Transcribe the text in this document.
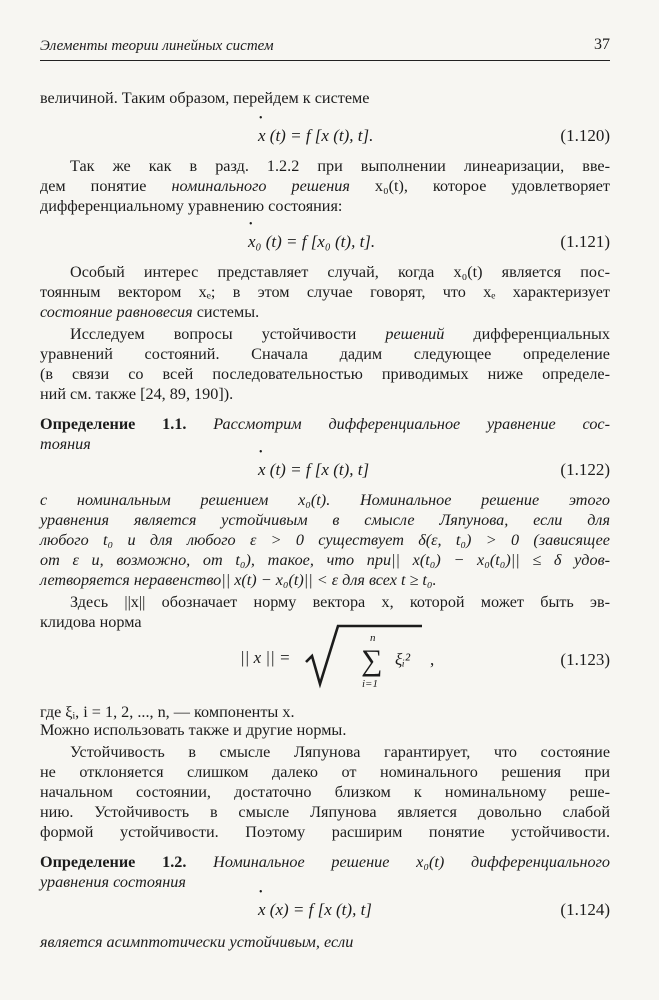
Элементы теории линейных систем	37
величиной. Таким образом, перейдем к системе
• x (t) = f [x (t), t].	(1.120)
Так же как в разд. 1.2.2 при выполнении линеаризации, вве-
дем понятие номинального решения x₀(t), которое удовлетворяет
дифференциальному уравнению состояния:
• x₀ (t) = f [x₀ (t), t].	(1.121)
Особый интерес представляет случай, когда x₀(t) является пос-
тоянным вектором xₑ; в этом случае говорят, что xₑ характеризует
состояние равновесия системы.
Исследуем вопросы устойчивости решений дифференциальных
уравнений состояний. Сначала дадим следующее определение
(в связи со всей последовательностью приводимых ниже определе-
ний см. также [24, 89, 190]).
Определение 1.1. Рассмотрим дифференциальное уравнение сос-
тояния
• x (t) = f [x (t), t]	(1.122)
с номинальным решением x₀(t). Номинальное решение этого
уравнения является устойчивым в смысле Ляпунова, если для
любого t₀ и для любого ε > 0 существует δ(ε, t₀) > 0 (зависящее
от ε и, возможно, от t₀), такое, что при|| x(t₀) − x₀(t₀)|| ≤ δ удов-
летворяется неравенство|| x(t) − x₀(t)|| < ε для всех t ≥ t₀.
Здесь ||x|| обозначает норму вектора x, которой может быть эв-
клидова норма
|| x || =
n
∑
i=1
ξᵢ² ,	(1.123)
где ξᵢ, i = 1, 2, ..., n, — компоненты x.
Можно использовать также и другие нормы.
Устойчивость в смысле Ляпунова гарантирует, что состояние
не отклоняется слишком далеко от номинального решения при
начальном состоянии, достаточно близком к номинальному реше-
нию. Устойчивость в смысле Ляпунова является довольно слабой
формой устойчивости. Поэтому расширим понятие устойчивости.
Определение 1.2. Номинальное решение x₀(t) дифференциального
уравнения состояния
• x (x) = f [x (t), t]	(1.124)
является асимптотически устойчивым, если
